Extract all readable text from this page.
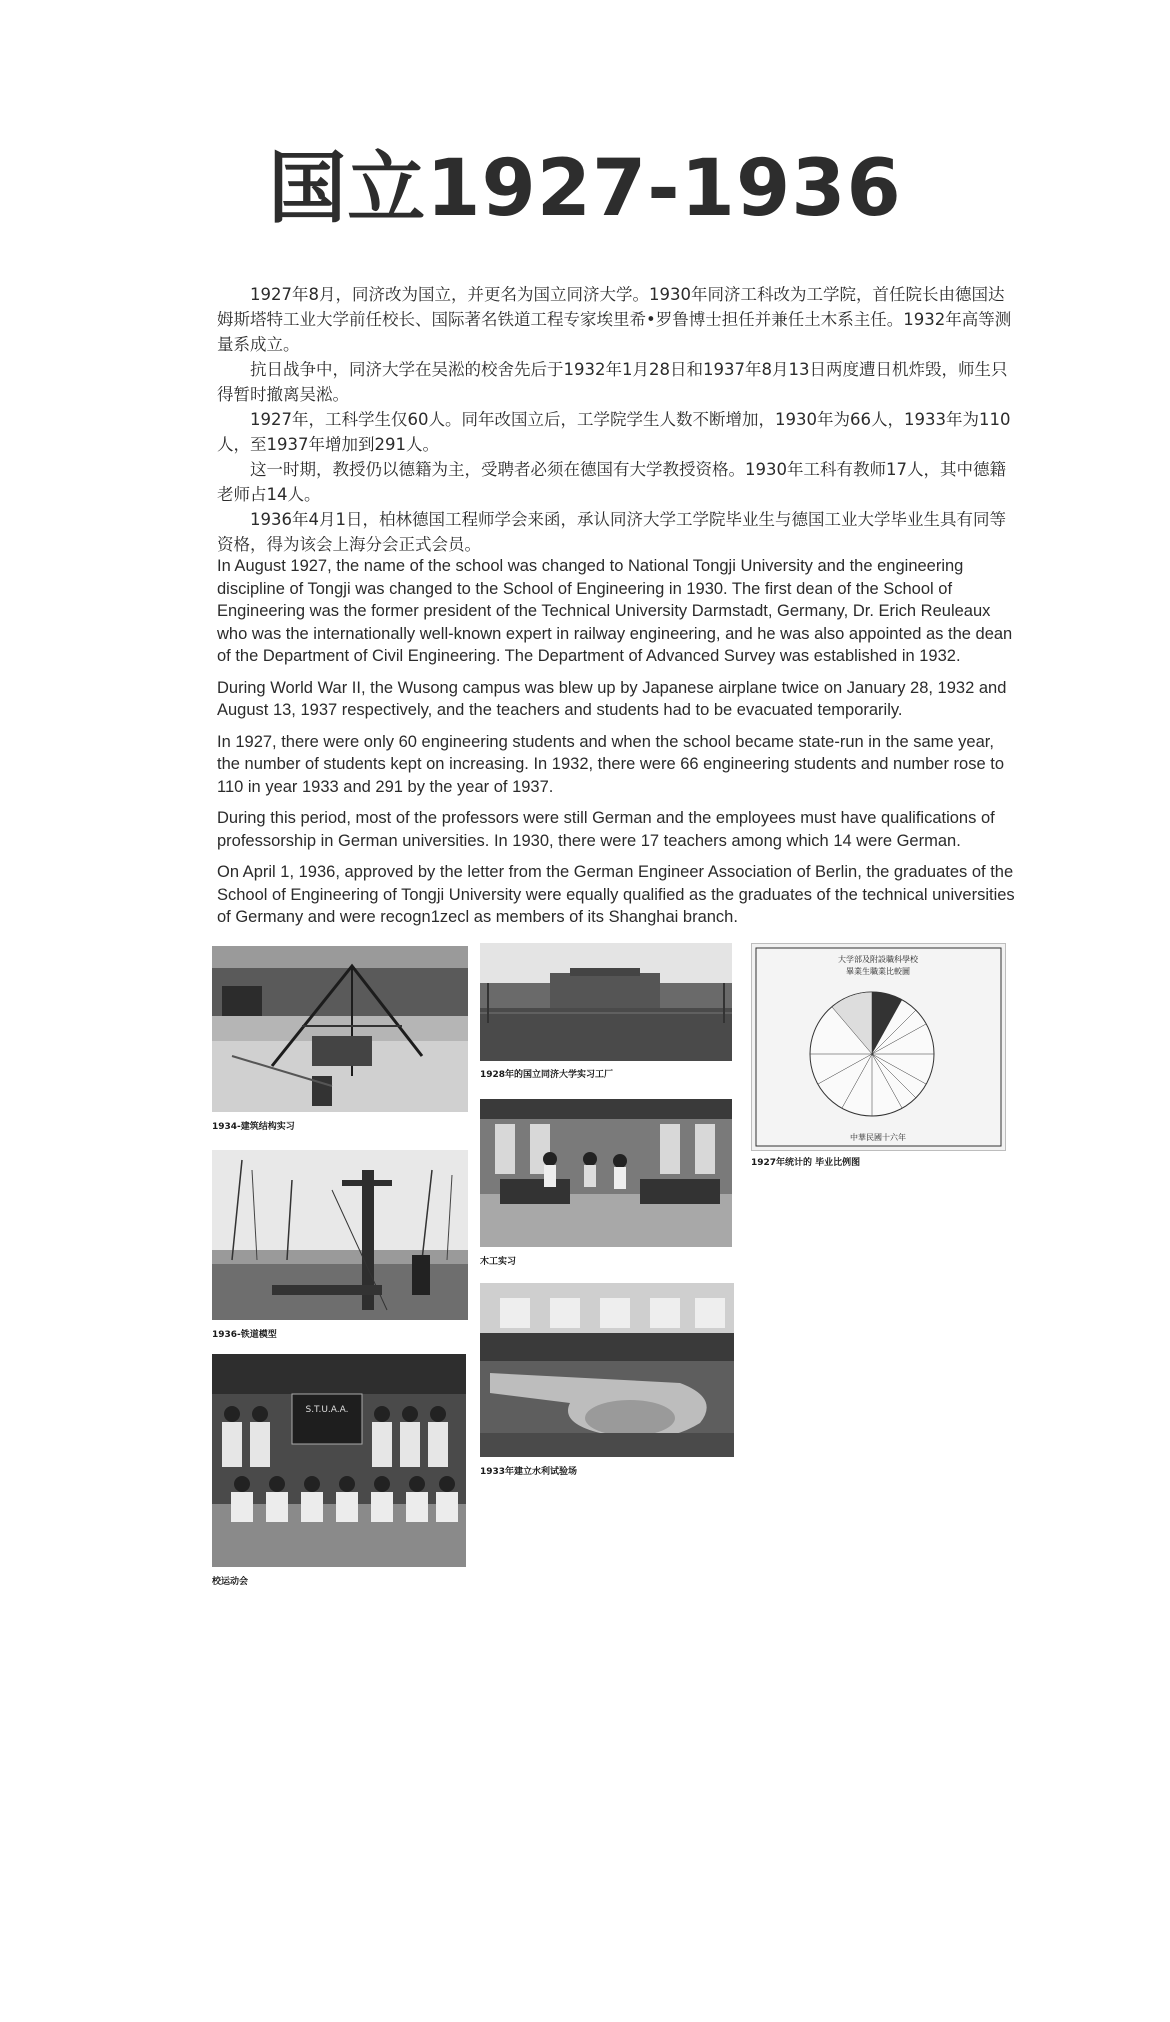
国立1927-1936

1927年8月，同济改为国立，并更名为国立同济大学。1930年同济工科改为工学院，首任院长由德国达姆斯塔特工业大学前任校长、国际著名铁道工程专家埃里希•罗鲁博士担任并兼任土木系主任。1932年高等测量系成立。

抗日战争中，同济大学在吴淞的校舍先后于1932年1月28日和1937年8月13日两度遭日机炸毁，师生只得暂时撤离吴淞。

1927年，工科学生仅60人。同年改国立后，工学院学生人数不断增加，1930年为66人，1933年为110人，至1937年增加到291人。

这一时期，教授仍以德籍为主，受聘者必须在德国有大学教授资格。1930年工科有教师17人，其中德籍老师占14人。

1936年4月1日，柏林德国工程师学会来函，承认同济大学工学院毕业生与德国工业大学毕业生具有同等资格，得为该会上海分会正式会员。

In August 1927, the name of the school was changed to National Tongji University and the engineering discipline of Tongji was changed to the School of Engineering in 1930. The first dean of the School of Engineering was the former president of the Technical University Darmstadt, Germany, Dr. Erich Reuleaux who was the internationally well-known expert in railway engineering, and he was also appointed as the dean of the Department of Civil Engineering. The Department of Advanced Survey was established in 1932.

During World War II, the Wusong campus was blew up by Japanese airplane twice on January 28, 1932 and August 13, 1937 respectively, and the teachers and students had to be evacuated temporarily.

In 1927, there were only 60 engineering students and when the school became state-run in the same year, the number of students kept on increasing. In 1932, there were 66 engineering students and number rose to 110 in year 1933 and 291 by the year of 1937.

During this period, most of the professors were still German and the employees must have qualifications of professorship in German universities. In 1930, there were 17 teachers among which 14 were German.

On April 1, 1936, approved by the letter from the German Engineer Association of Berlin, the graduates of the School of Engineering of Tongji University were equally qualified as the graduates of the technical universities of Germany and were recogn1zecl as members of its Shanghai branch.

1934-建筑结构实习
1928年的国立同济大学实习工厂
大学部及附設職科學校
畢業生職業比較圖
中華民國十六年
1927年统计的 毕业比例图
1936-铁道模型
木工实习
1933年建立水利试验场
S.T.U.A.A.
校运动会
